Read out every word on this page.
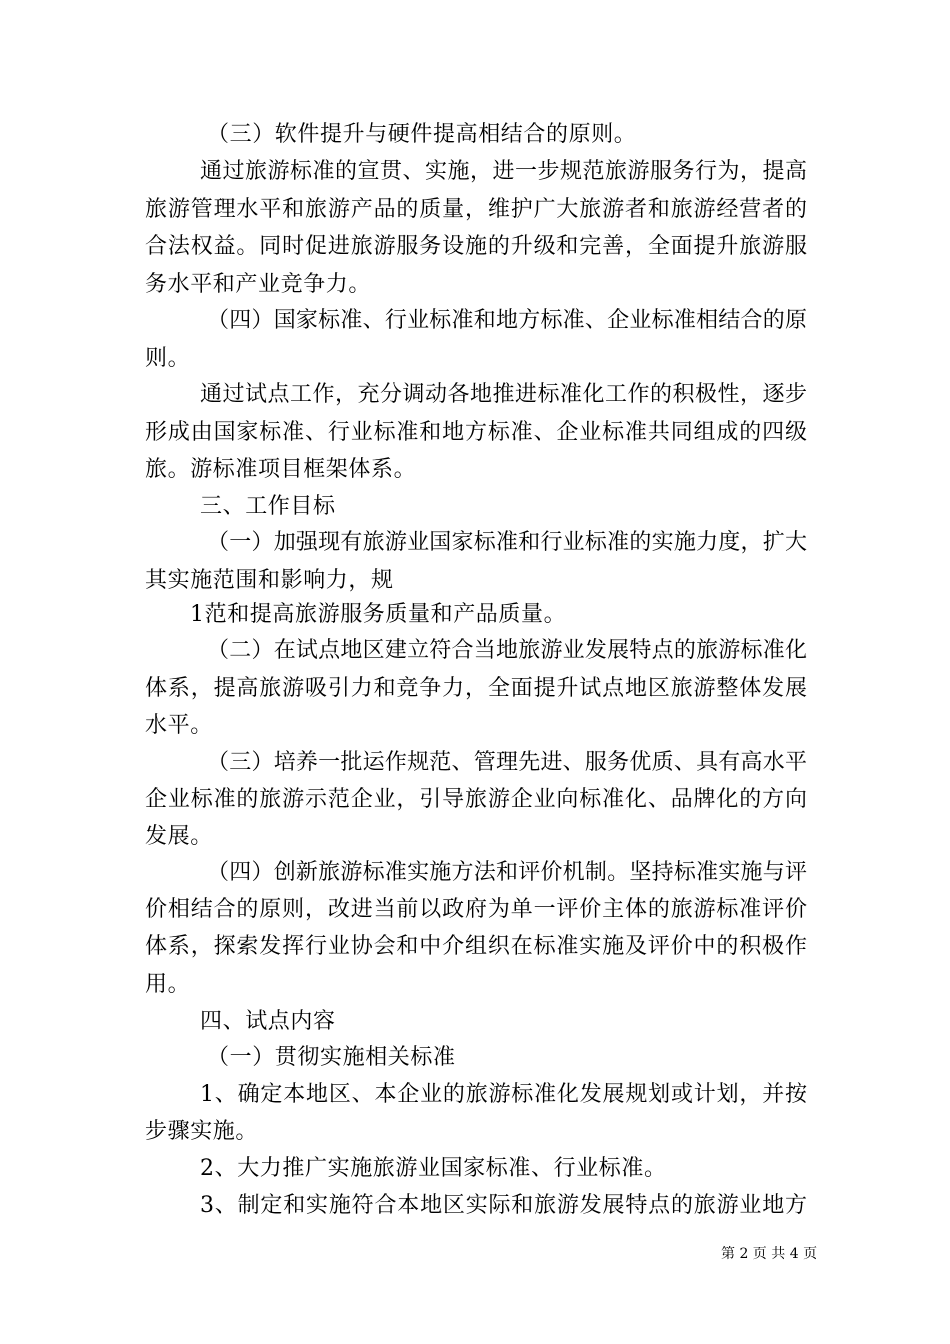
（三）软件提升与硬件提高相结合的原则。
通过旅游标准的宣贯、实施，进一步规范旅游服务行为，提高
旅游管理水平和旅游产品的质量，维护广大旅游者和旅游经营者的
合法权益。同时促进旅游服务设施的升级和完善，全面提升旅游服
务水平和产业竞争力。
（四）国家标准、行业标准和地方标准、企业标准相结合的原
则。
通过试点工作，充分调动各地推进标准化工作的积极性，逐步
形成由国家标准、行业标准和地方标准、企业标准共同组成的四级
旅。游标准项目框架体系。
三、工作目标
（一）加强现有旅游业国家标准和行业标准的实施力度，扩大
其实施范围和影响力，规
1范和提高旅游服务质量和产品质量。
（二）在试点地区建立符合当地旅游业发展特点的旅游标准化
体系，提高旅游吸引力和竞争力，全面提升试点地区旅游整体发展
水平。
（三）培养一批运作规范、管理先进、服务优质、具有高水平
企业标准的旅游示范企业，引导旅游企业向标准化、品牌化的方向
发展。
（四）创新旅游标准实施方法和评价机制。坚持标准实施与评
价相结合的原则，改进当前以政府为单一评价主体的旅游标准评价
体系，探索发挥行业协会和中介组织在标准实施及评价中的积极作
用。
四、试点内容
（一）贯彻实施相关标准
1、确定本地区、本企业的旅游标准化发展规划或计划，并按
步骤实施。
2、大力推广实施旅游业国家标准、行业标准。
3、制定和实施符合本地区实际和旅游发展特点的旅游业地方
第 2 页 共 4 页
